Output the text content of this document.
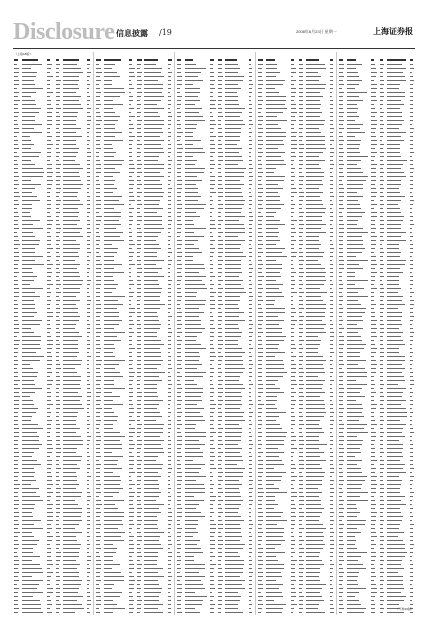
Disclosure 信息披露 /19	2008年6月23日 星期一	上海证券报
（上接18版）
（下转20版）
